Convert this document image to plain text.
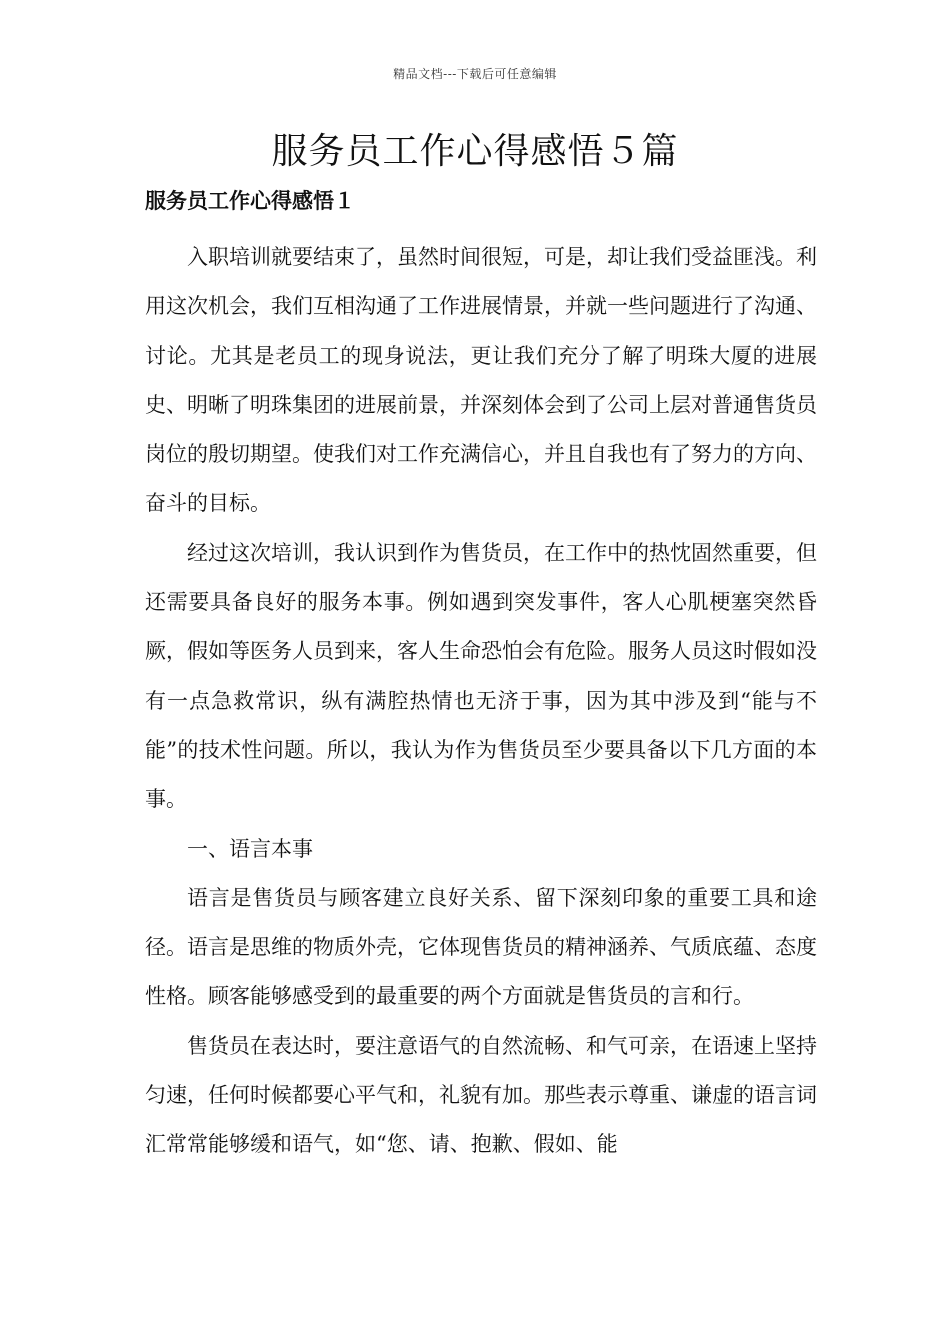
精品文档---下载后可任意编辑
服务员工作心得感悟５篇
服务员工作心得感悟１

入职培训就要结束了，虽然时间很短，可是，却让我们受益匪浅。利用这次机会，我们互相沟通了工作进展情景，并就一些问题进行了沟通、讨论。尤其是老员工的现身说法，更让我们充分了解了明珠大厦的进展史、明晰了明珠集团的进展前景，并深刻体会到了公司上层对普通售货员岗位的殷切期望。使我们对工作充满信心，并且自我也有了努力的方向、奋斗的目标。

经过这次培训，我认识到作为售货员，在工作中的热忱固然重要，但还需要具备良好的服务本事。例如遇到突发事件，客人心肌梗塞突然昏厥，假如等医务人员到来，客人生命恐怕会有危险。服务人员这时假如没有一点急救常识，纵有满腔热情也无济于事，因为其中涉及到“能与不能”的技术性问题。所以，我认为作为售货员至少要具备以下几方面的本事。

一、语言本事

语言是售货员与顾客建立良好关系、留下深刻印象的重要工具和途径。语言是思维的物质外壳，它体现售货员的精神涵养、气质底蕴、态度性格。顾客能够感受到的最重要的两个方面就是售货员的言和行。

售货员在表达时，要注意语气的自然流畅、和气可亲，在语速上坚持匀速，任何时候都要心平气和，礼貌有加。那些表示尊重、谦虚的语言词汇常常能够缓和语气，如“您、请、抱歉、假如、能
